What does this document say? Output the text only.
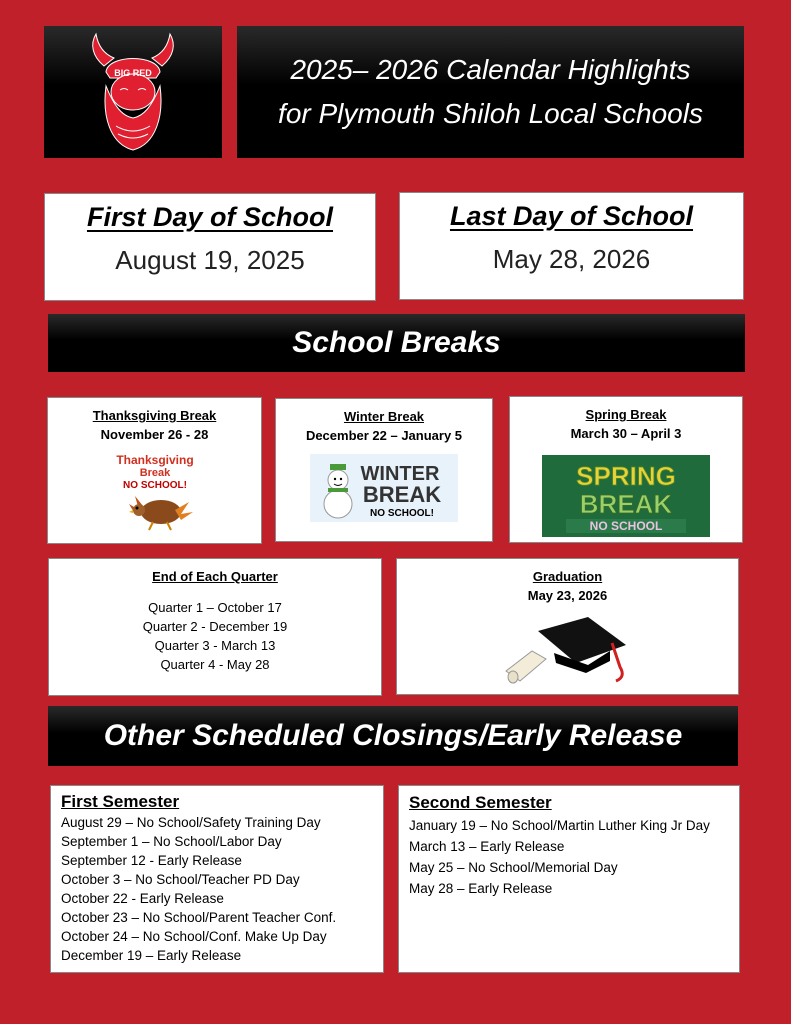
BIG RED	2025– 2026 Calendar Highlights
for Plymouth Shiloh Local Schools
First Day of School
August 19, 2025
Last Day of School
May 28, 2026
School Breaks
Thanksgiving Break
November 26 - 28
Thanksgiving
Break
NO SCHOOL!
Winter Break
December 22 – January 5
WINTER
BREAK
NO SCHOOL!
Spring Break
March 30 – April 3
SPRING
BREAK
NO SCHOOL
End of Each Quarter
Quarter 1 – October 17
Quarter 2 - December 19
Quarter 3 - March 13
Quarter 4 - May 28
Graduation
May 23, 2026
Other Scheduled Closings/Early Release
First Semester
August 29 – No School/Safety Training Day
September 1 – No School/Labor Day
September 12 - Early Release
October 3 – No School/Teacher PD Day
October 22 - Early Release
October 23 – No School/Parent Teacher Conf.
October 24 – No School/Conf. Make Up Day
December 19 – Early Release
Second Semester
January 19 – No School/Martin Luther King Jr Day
March 13 – Early Release
May 25 – No School/Memorial Day
May 28 – Early Release
